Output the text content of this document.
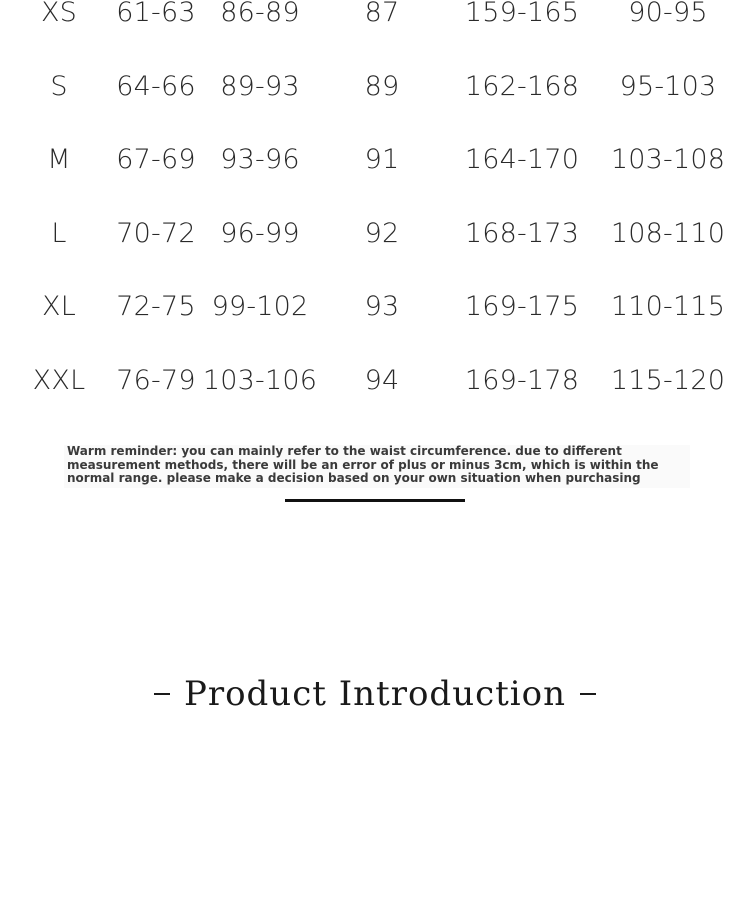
XS 61-63 86-89 87 159-165 90-95
S 64-66 89-93 89 162-168 95-103
M 67-69 93-96 91 164-170 103-108
L 70-72 96-99 92 168-173 108-110
XL 72-75 99-102 93 169-175 110-115
XXL 76-79 103-106 94 169-178 115-120
Warm reminder: you can mainly refer to the waist circumference. due to different measurement methods, there will be an error of plus or minus 3cm, which is within the normal range. please make a decision based on your own situation when purchasing
Product Introduction
